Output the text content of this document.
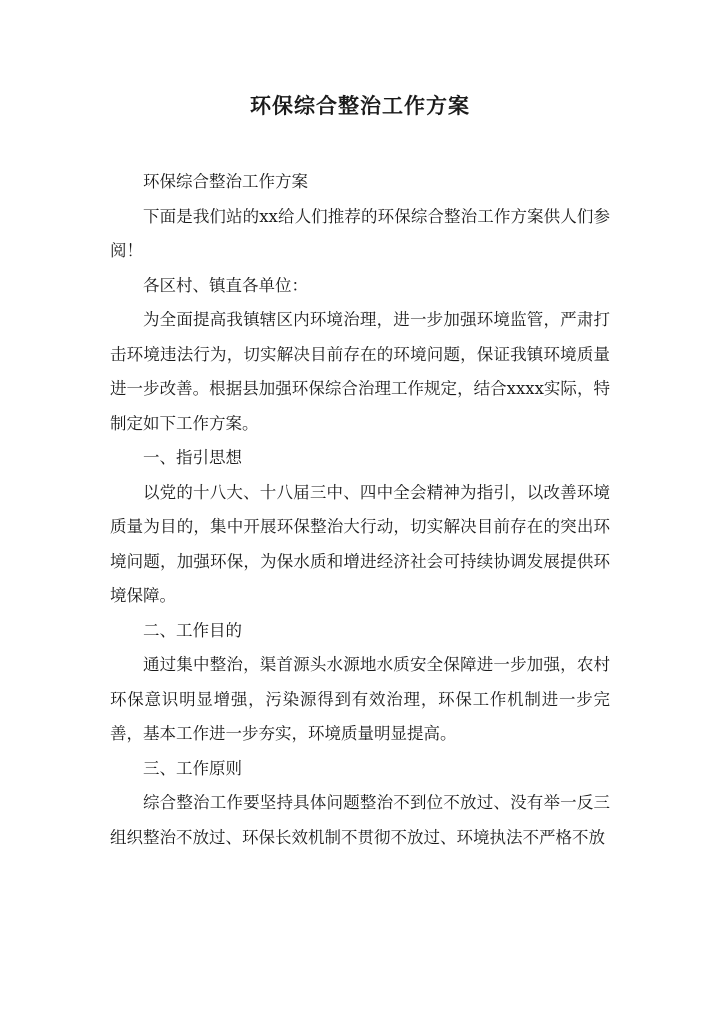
环保综合整治工作方案

环保综合整治工作方案

下面是我们站的xx给人们推荐的环保综合整治工作方案供人们参阅！

各区村、镇直各单位：

为全面提高我镇辖区内环境治理，进一步加强环境监管，严肃打击环境违法行为，切实解决目前存在的环境问题，保证我镇环境质量进一步改善。根据县加强环保综合治理工作规定，结合xxxx实际，特制定如下工作方案。

一、指引思想

以党的十八大、十八届三中、四中全会精神为指引，以改善环境质量为目的，集中开展环保整治大行动，切实解决目前存在的突出环境问题，加强环保，为保水质和增进经济社会可持续协调发展提供环境保障。

二、工作目的

通过集中整治，渠首源头水源地水质安全保障进一步加强，农村环保意识明显增强，污染源得到有效治理，环保工作机制进一步完善，基本工作进一步夯实，环境质量明显提高。

三、工作原则

综合整治工作要坚持具体问题整治不到位不放过、没有举一反三组织整治不放过、环保长效机制不贯彻不放过、环境执法不严格不放
